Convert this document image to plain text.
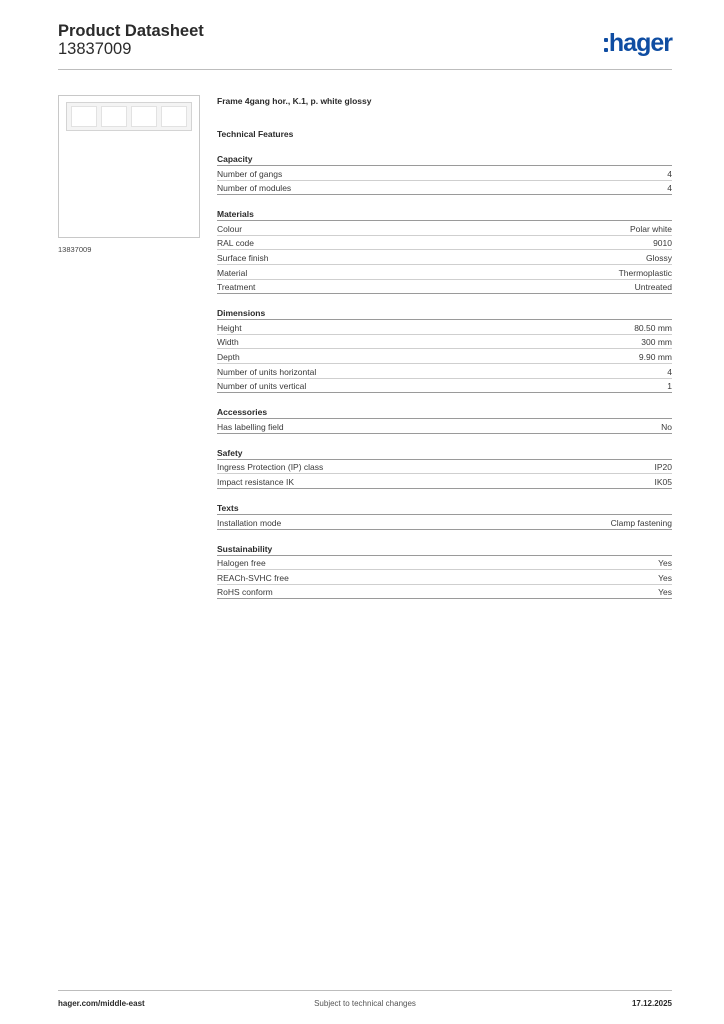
Product Datasheet
13837009	hager
13837009
Frame 4gang hor., K.1, p. white glossy
Technical Features
Capacity
Number of gangs	4
Number of modules	4
Materials
Colour	Polar white
RAL code	9010
Surface finish	Glossy
Material	Thermoplastic
Treatment	Untreated
Dimensions
Height	80.50 mm
Width	300 mm
Depth	9.90 mm
Number of units horizontal	4
Number of units vertical	1
Accessories
Has labelling field	No
Safety
Ingress Protection (IP) class	IP20
Impact resistance IK	IK05
Texts
Installation mode	Clamp fastening
Sustainability
Halogen free	Yes
REACh-SVHC free	Yes
RoHS conform	Yes
hager.com/middle-east	Subject to technical changes	17.12.2025
